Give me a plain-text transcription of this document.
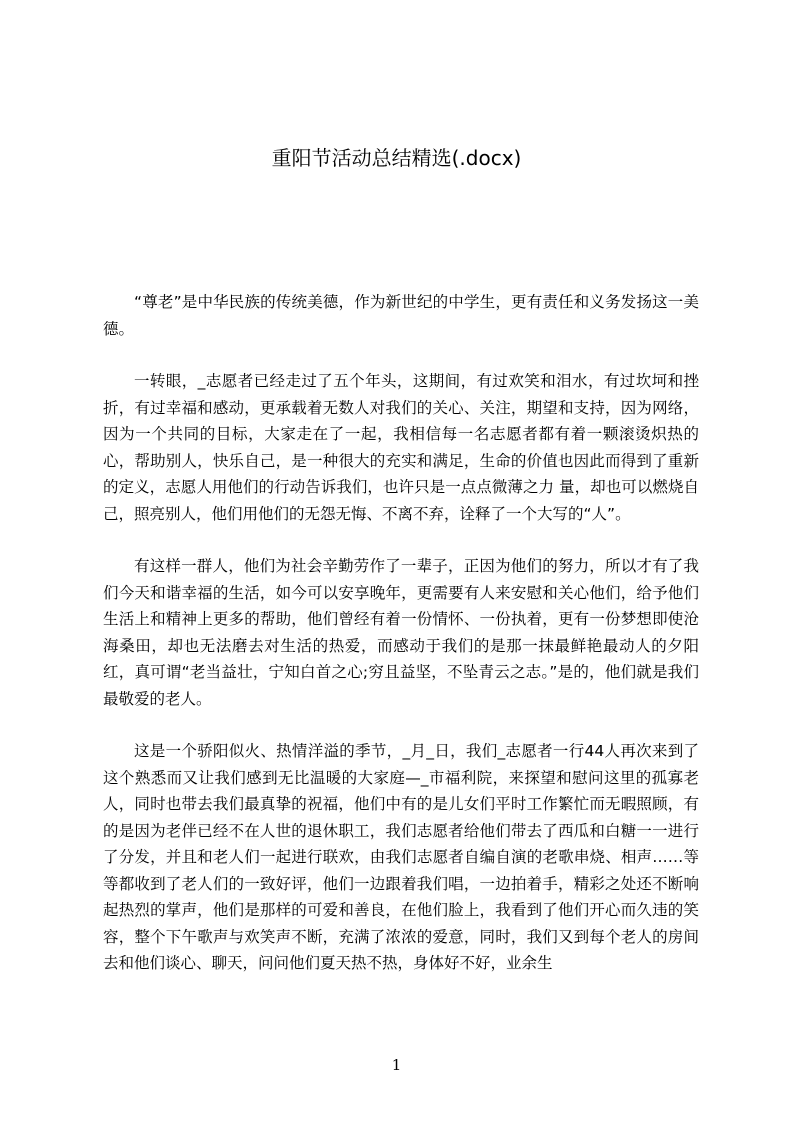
重阳节活动总结精选(.docx)

“尊老”是中华民族的传统美德，作为新世纪的中学生，更有责任和义务发扬这一美德。

一转眼，_志愿者已经走过了五个年头，这期间，有过欢笑和泪水，有过坎坷和挫折，有过幸福和感动，更承载着无数人对我们的关心、关注，期望和支持，因为网络，因为一个共同的目标，大家走在了一起，我相信每一名志愿者都有着一颗滚烫炽热的心，帮助别人，快乐自己，是一种很大的充实和满足，生命的价值也因此而得到了重新的定义，志愿人用他们的行动告诉我们，也许只是一点点微薄之力 量，却也可以燃烧自己，照亮别人，他们用他们的无怨无悔、不离不弃，诠释了一个大写的“人”。

有这样一群人，他们为社会辛勤劳作了一辈子，正因为他们的努力，所以才有了我们今天和谐幸福的生活，如今可以安享晚年，更需要有人来安慰和关心他们，给予他们生活上和精神上更多的帮助，他们曾经有着一份情怀、一份执着，更有一份梦想即使沧海桑田，却也无法磨去对生活的热爱，而感动于我们的是那一抹最鲜艳最动人的夕阳红，真可谓“老当益壮，宁知白首之心;穷且益坚，不坠青云之志。”是的，他们就是我们最敬爱的老人。

这是一个骄阳似火、热情洋溢的季节，_月_日，我们_志愿者一行44人再次来到了这个熟悉而又让我们感到无比温暖的大家庭—_市福利院，来探望和慰问这里的孤寡老人，同时也带去我们最真挚的祝福，他们中有的是儿女们平时工作繁忙而无暇照顾，有的是因为老伴已经不在人世的退休职工，我们志愿者给他们带去了西瓜和白糖一一进行了分发，并且和老人们一起进行联欢，由我们志愿者自编自演的老歌串烧、相声……等等都收到了老人们的一致好评，他们一边跟着我们唱，一边拍着手，精彩之处还不断响起热烈的掌声，他们是那样的可爱和善良，在他们脸上，我看到了他们开心而久违的笑容，整个下午歌声与欢笑声不断，充满了浓浓的爱意，同时，我们又到每个老人的房间去和他们谈心、聊天，问问他们夏天热不热，身体好不好，业余生

1
